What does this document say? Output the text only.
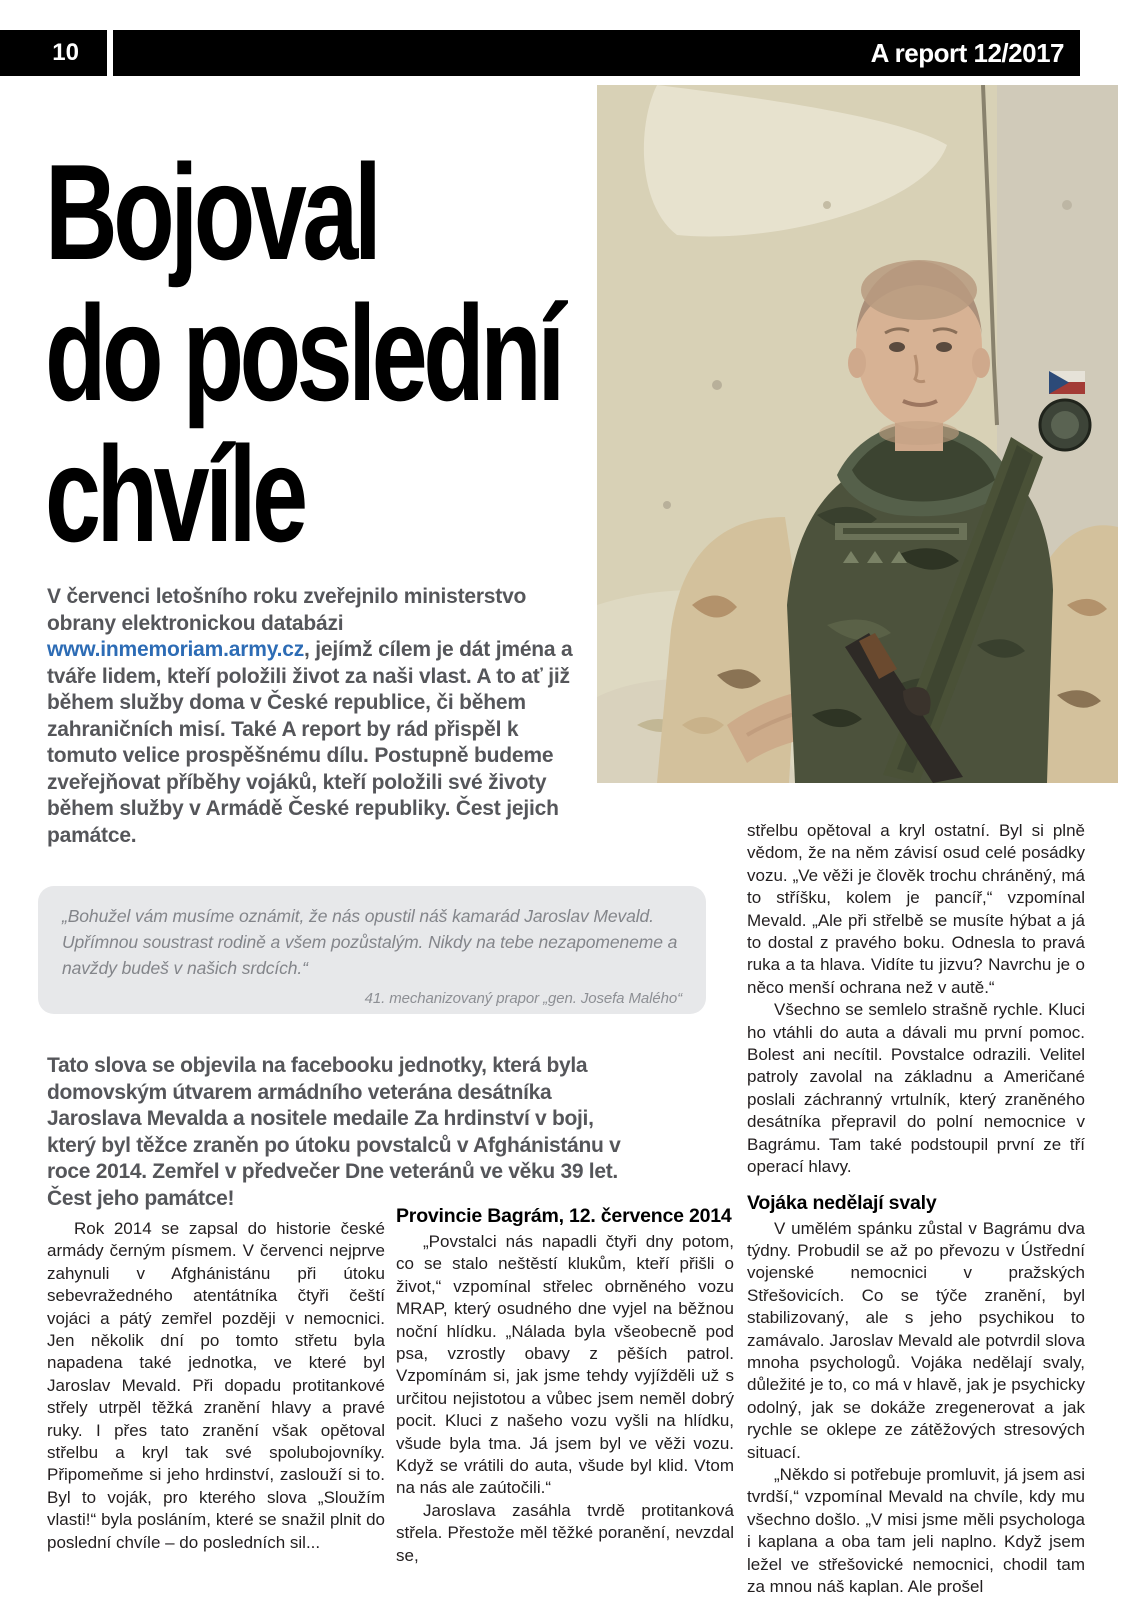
10	A report 12/2017
Bojoval
do poslední
chvíle

V červenci letošního roku zveřejnilo ministerstvo obrany elektronickou databázi www.inmemoriam.army.cz, jejímž cílem je dát jména a tváře lidem, kteří položili život za naši vlast. A to ať již během služby doma v České republice, či během zahraničních misí. Také A report by rád přispěl k tomuto velice prospěšnému dílu. Postupně budeme zveřejňovat příběhy vojáků, kteří položili své životy během služby v Armádě České republiky. Čest jejich památce.

„Bohužel vám musíme oznámit, že nás opustil náš kamarád Jaroslav Mevald. Upřímnou soustrast rodině a všem pozůstalým. Nikdy na tebe nezapomeneme a navždy budeš v našich srdcích.“
41. mechanizovaný prapor „gen. Josefa Malého“

Tato slova se objevila na facebooku jednotky, která byla domovským útvarem armádního veterána desátníka Jaroslava Mevalda a nositele medaile Za hrdinství v boji, který byl těžce zraněn po útoku povstalců v Afghánistánu v roce 2014. Zemřel v předvečer Dne veteránů ve věku 39 let. Čest jeho památce!

Rok 2014 se zapsal do historie české armády černým písmem. V červenci nejprve zahynuli v Afghánistánu při útoku sebevražedného atentátníka čtyři čeští vojáci a pátý zemřel později v nemocnici. Jen několik dní po tomto střetu byla napadena také jednotka, ve které byl Jaroslav Mevald. Při dopadu protitankové střely utrpěl těžká zranění hlavy a pravé ruky. I přes tato zranění však opětoval střelbu a kryl tak své spolubojovníky. Připomeňme si jeho hrdinství, zaslouží si to. Byl to voják, pro kterého slova „Sloužím vlasti!“ byla posláním, které se snažil plnit do poslední chvíle – do posledních sil...

Provincie Bagrám, 12. července 2014

„Povstalci nás napadli čtyři dny potom, co se stalo neštěstí klukům, kteří přišli o život,“ vzpomínal střelec obrněného vozu MRAP, který osudného dne vyjel na běžnou noční hlídku. „Nálada byla všeobecně pod psa, vzrostly obavy z pěších patrol. Vzpomínám si, jak jsme tehdy vyjížděli už s určitou nejistotou a vůbec jsem neměl dobrý pocit. Kluci z našeho vozu vyšli na hlídku, všude byla tma. Já jsem byl ve věži vozu. Když se vrátili do auta, všude byl klid. Vtom na nás ale zaútočili.“

Jaroslava zasáhla tvrdě protitanková střela. Přestože měl těžké poranění, nevzdal se,

střelbu opětoval a kryl ostatní. Byl si plně vědom, že na něm závisí osud celé posádky vozu. „Ve věži je člověk trochu chráněný, má to stříšku, kolem je pancíř,“ vzpomínal Mevald. „Ale při střelbě se musíte hýbat a já to dostal z pravého boku. Odnesla to pravá ruka a ta hlava. Vidíte tu jizvu? Navrchu je o něco menší ochrana než v autě.“

Všechno se semlelo strašně rychle. Kluci ho vtáhli do auta a dávali mu první pomoc. Bolest ani necítil. Povstalce odrazili. Velitel patroly zavolal na základnu a Američané poslali záchranný vrtulník, který zraněného desátníka přepravil do polní nemocnice v Bagrámu. Tam také podstoupil první ze tří operací hlavy.

Vojáka nedělají svaly

V umělém spánku zůstal v Bagrámu dva týdny. Probudil se až po převozu v Ústřední vojenské nemocnici v pražských Střešovicích. Co se týče zranění, byl stabilizovaný, ale s jeho psychikou to zamávalo. Jaroslav Mevald ale potvrdil slova mnoha psychologů. Vojáka nedělají svaly, důležité je to, co má v hlavě, jak je psychicky odolný, jak se dokáže zregenerovat a jak rychle se oklepe ze zátěžových stresových situací.

„Někdo si potřebuje promluvit, já jsem asi tvrdší,“ vzpomínal Mevald na chvíle, kdy mu všechno došlo. „V misi jsme měli psychologa i kaplana a oba tam jeli naplno. Když jsem ležel ve střešovické nemocnici, chodil tam za mnou náš kaplan. Ale prošel
